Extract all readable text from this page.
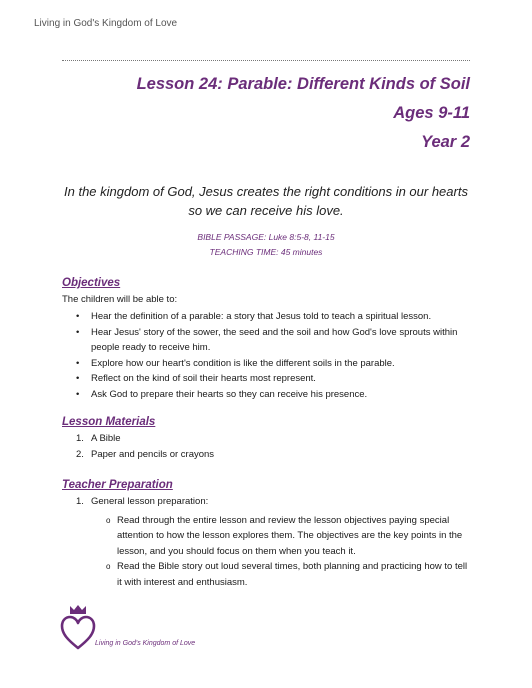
Living in God's Kingdom of Love
Lesson 24: Parable: Different Kinds of Soil
Ages 9-11
Year 2
In the kingdom of God, Jesus creates the right conditions in our hearts
so we can receive his love.
BIBLE PASSAGE: Luke 8:5-8, 11-15
TEACHING TIME: 45 minutes
Objectives

The children will be able to:

• Hear the definition of a parable: a story that Jesus told to teach a spiritual lesson.
• Hear Jesus' story of the sower, the seed and the soil and how God's love sprouts within people ready to receive him.
• Explore how our heart's condition is like the different soils in the parable.
• Reflect on the kind of soil their hearts most represent.
• Ask God to prepare their hearts so they can receive his presence.
Lesson Materials
1. A Bible
2. Paper and pencils or crayons
Teacher Preparation
1. General lesson preparation:
o Read through the entire lesson and review the lesson objectives paying special attention to how the lesson explores them. The objectives are the key points in the lesson, and you should focus on them when you teach it.
o Read the Bible story out loud several times, both planning and practicing how to tell it with interest and enthusiasm.
Living in God's Kingdom of Love
